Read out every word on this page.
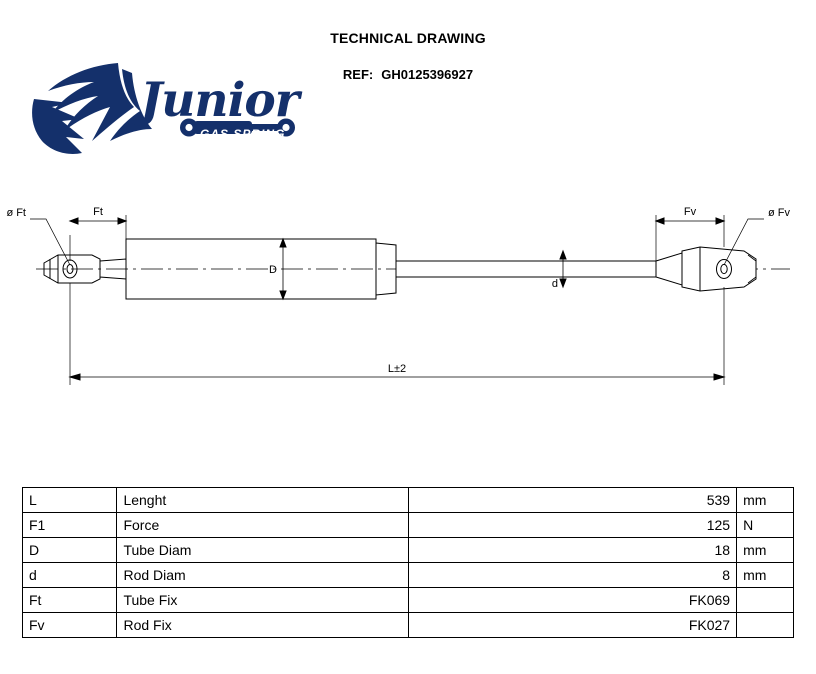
TECHNICAL DRAWING
REF: GH0125396927
Junior
GAS SPRING
Ft	Fv
ø Ft	ø Fv
D
d
L±2
L	Lenght	539	mm
F1	Force	125	N
D	Tube Diam	18	mm
d	Rod Diam	8	mm
Ft	Tube Fix	FK069	
Fv	Rod Fix	FK027	
